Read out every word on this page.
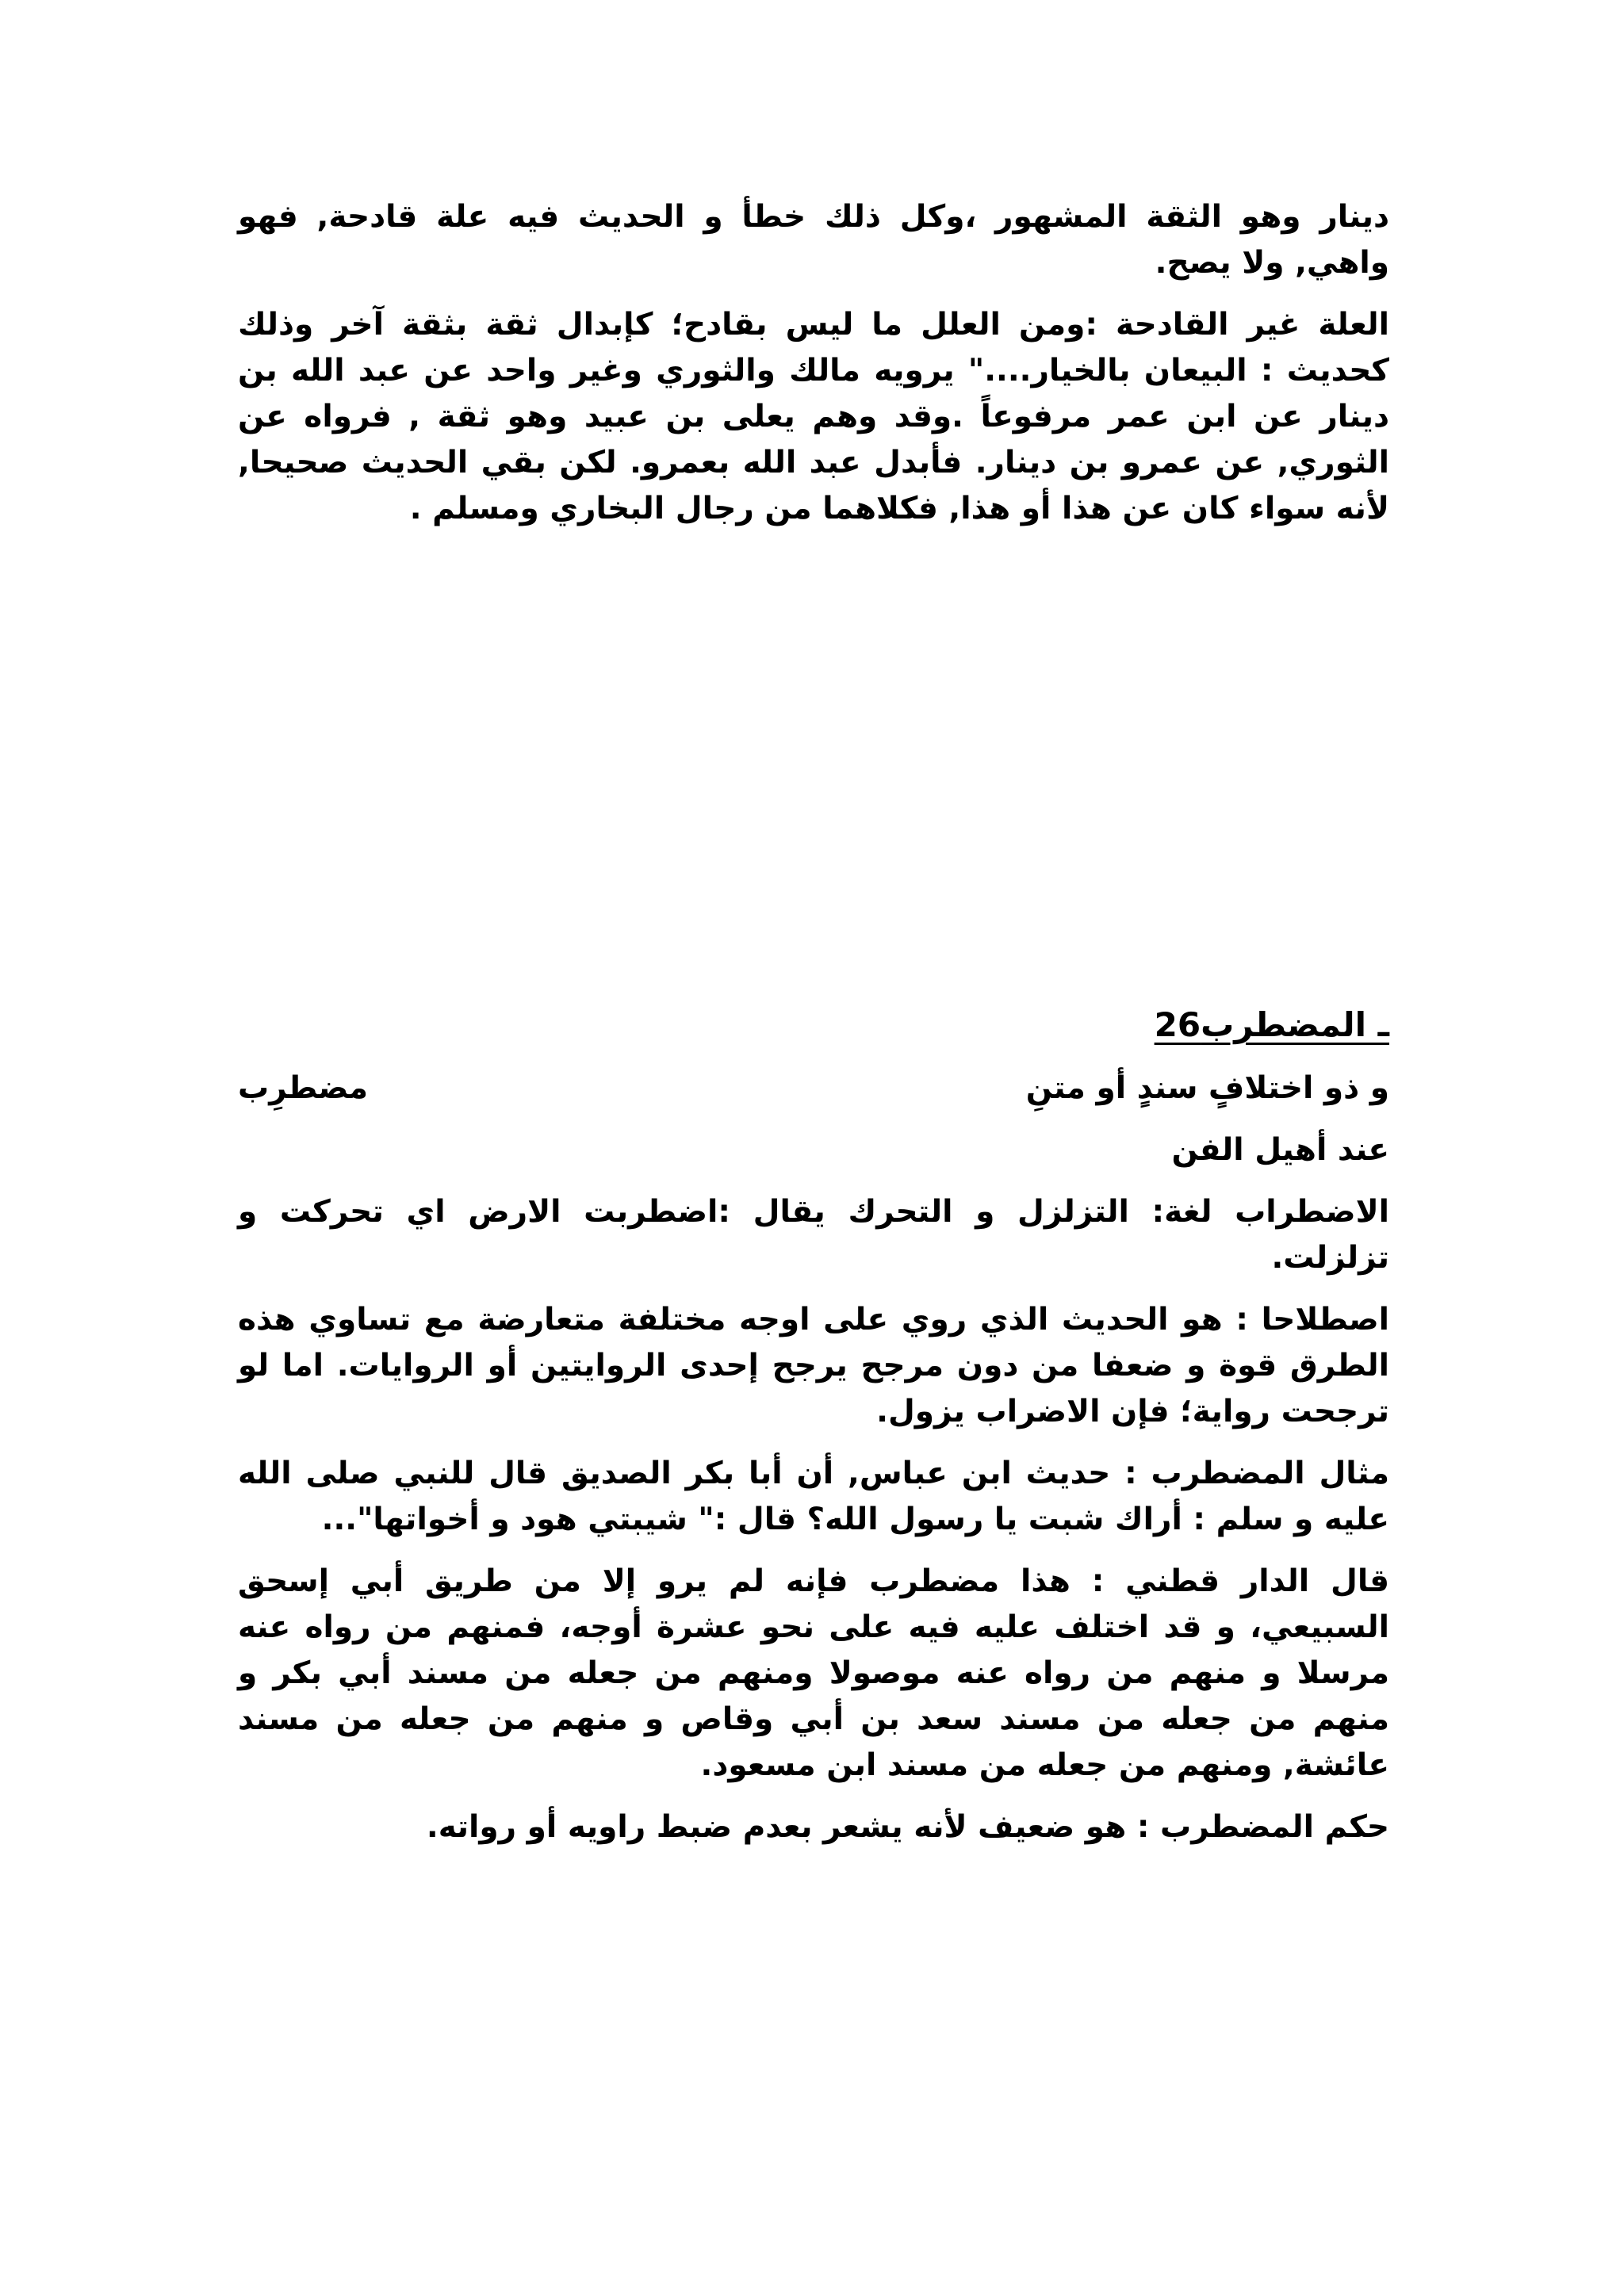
دينار وهو الثقة المشهور ،وكل ذلك خطأ و الحديث فيه علة قادحة, فهو واهي, ولا يصح.

العلة غير القادحة :ومن العلل ما ليس بقادح؛ كإبدال ثقة بثقة آخر وذلك كحديث : البيعان بالخيار...." يرويه مالك والثوري وغير واحد عن عبد الله بن دينار عن ابن عمر مرفوعاً .وقد وهم يعلى بن عبيد وهو ثقة , فرواه عن الثوري, عن عمرو بن دينار. فأبدل عبد الله بعمرو. لكن بقي الحديث صحيحا, لأنه سواء كان عن هذا أو هذا, فكلاهما من رجال البخاري ومسلم .

ـ المضطرب26

و ذو اختلافٍ سندٍ أو متنِ
مضطرِب

عند أهيل الفن

الاضطراب لغة: التزلزل و التحرك يقال :اضطربت الارض اي تحركت و تزلزلت.

اصطلاحا : هو الحديث الذي روي على اوجه مختلفة متعارضة مع تساوي هذه الطرق قوة و ضعفا من دون مرجح يرجح إحدى الروايتين أو الروايات. اما لو ترجحت رواية؛ فإن الاضراب يزول.

مثال المضطرب : حديث ابن عباس, أن أبا بكر الصديق قال للنبي صلى الله عليه و سلم : أراك شبت يا رسول الله؟ قال :" شيبتي هود و أخواتها"...

قال الدار قطني : هذا مضطرب فإنه لم يرو إلا من طريق أبي إسحق السبيعي، و قد اختلف عليه فيه على نحو عشرة أوجه، فمنهم من رواه عنه مرسلا و منهم من رواه عنه موصولا ومنهم من جعله من مسند أبي بكر و منهم من جعله من مسند سعد بن أبي وقاص و منهم من جعله من مسند عائشة, ومنهم من جعله من مسند ابن مسعود.

حكم المضطرب : هو ضعيف لأنه يشعر بعدم ضبط راويه أو رواته.
